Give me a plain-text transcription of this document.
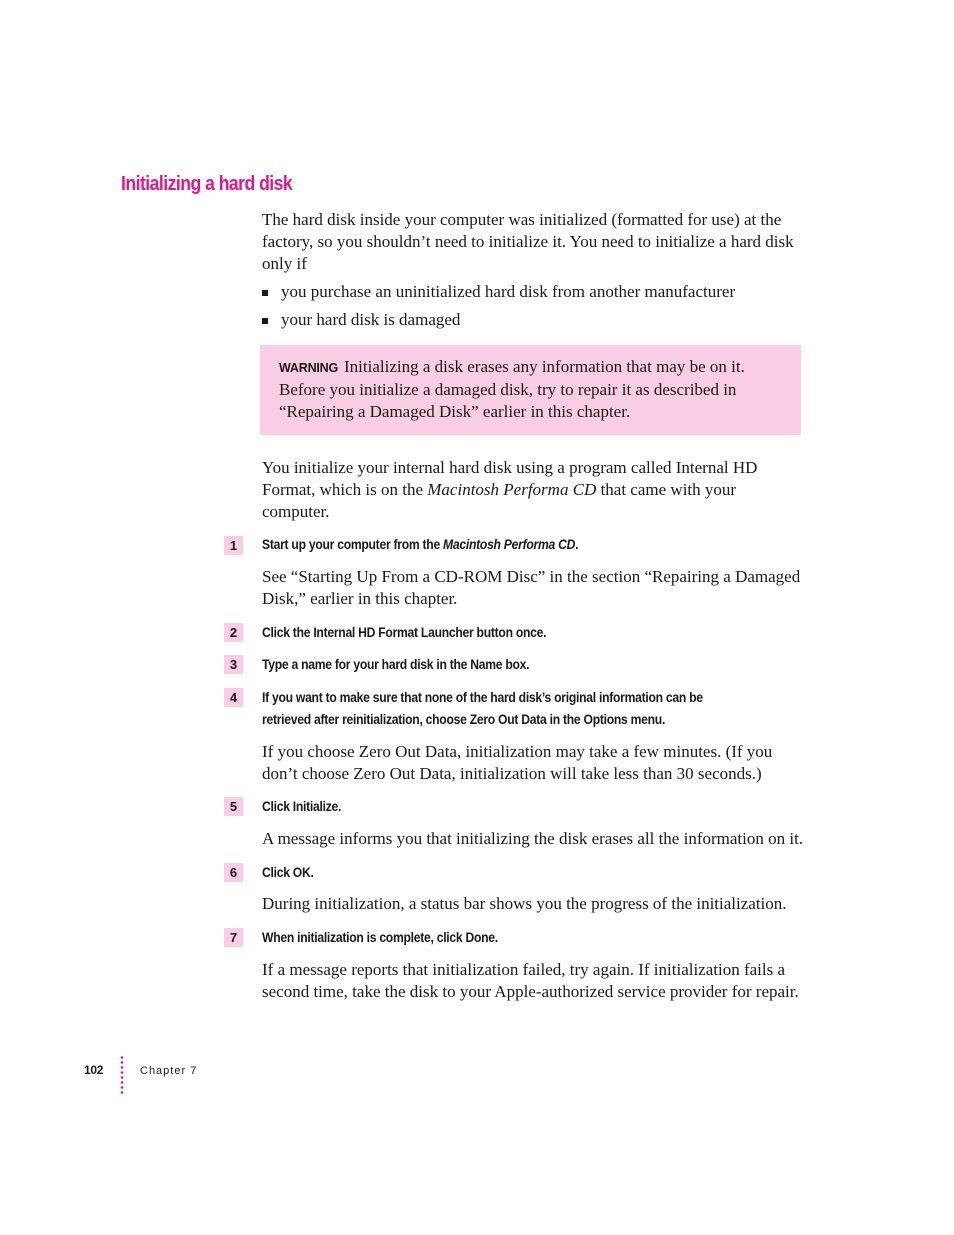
Initializing a hard disk

The hard disk inside your computer was initialized (formatted for use) at the factory, so you shouldn’t need to initialize it. You need to initialize a hard disk only if

you purchase an uninitialized hard disk from another manufacturer
your hard disk is damaged

WARNING Initializing a disk erases any information that may be on it. Before you initialize a damaged disk, try to repair it as described in “Repairing a Damaged Disk” earlier in this chapter.

You initialize your internal hard disk using a program called Internal HD Format, which is on the Macintosh Performa CD that came with your computer.

1	Start up your computer from the Macintosh Performa CD.

See “Starting Up From a CD-ROM Disc” in the section “Repairing a Damaged Disk,” earlier in this chapter.

2	Click the Internal HD Format Launcher button once.

3	Type a name for your hard disk in the Name box.

4	If you want to make sure that none of the hard disk’s original information can be retrieved after reinitialization, choose Zero Out Data in the Options menu.

If you choose Zero Out Data, initialization may take a few minutes. (If you don’t choose Zero Out Data, initialization will take less than 30 seconds.)

5	Click Initialize.

A message informs you that initializing the disk erases all the information on it.

6	Click OK.

During initialization, a status bar shows you the progress of the initialization.

7	When initialization is complete, click Done.

If a message reports that initialization failed, try again. If initialization fails a second time, take the disk to your Apple-authorized service provider for repair.

102	Chapter 7
